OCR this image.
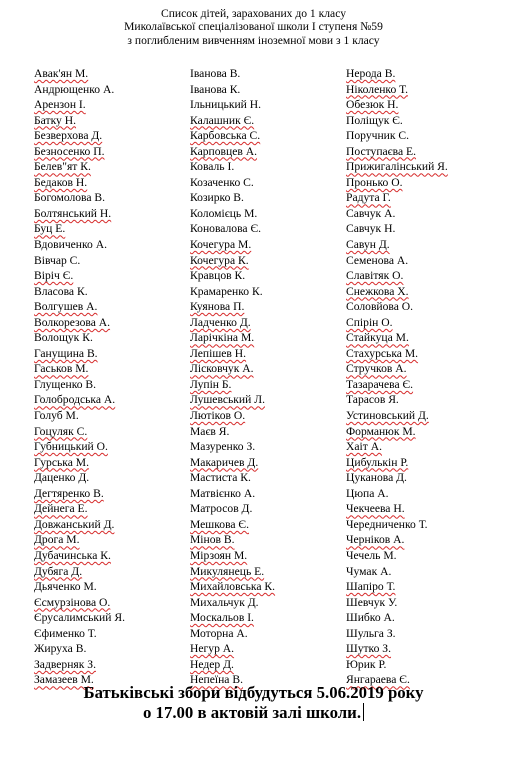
Список дітей, зарахованих до 1 класу
Миколаївської спеціалізованої школи І ступеня №59
з поглибленим вивченням іноземної мови з 1 класу
Авак'ян М.
Андрющенко А.
Арензон І.
Батку Н.
Безверхова Д.
Безносенко П.
Белев"ят К.
Бедаков Н.
Богомолова В.
Болтянський Н.
Буц Е.
Вдовиченко А.
Вівчар С.
Віріч Є.
Власова К.
Волгушев А.
Волкорезова А.
Волощук К.
Ганущина В.
Гаськов М.
Глущенко В.
Голобродська А.
Голуб М.
Гоцуляк С.
Губницький О.
Гурська М.
Даценко Д.
Дегтяренко В.
Дейнега Е.
Довжанський Д.
Дрога М.
Дубачинська К.
Дубяга Д.
Дьяченко М.
Єсмурзінова О.
Єрусалимський Я.
Єфименко Т.
Жируха В.
Задверняк З.
Замазеев М.
Іванова В.
Іванова К.
Ільницький Н.
Калашник Є.
Карбовська С.
Карповцев А.
Коваль І.
Козаченко С.
Козирко В.
Коломієць М.
Коновалова Є.
Кочегура М.
Кочегура К.
Кравцов К.
Крамаренко К.
Куянова П.
Ладченко Д.
Ларічкіна М.
Лепішев Н.
Лісковчук А.
Лупін Б.
Лушевський Л.
Лютіков О.
Маєв Я.
Мазуренко З.
Макаричев Д.
Мастиста К.
Матвієнко А.
Матросов Д.
Мешкова Є.
Мінов В.
Мірзоян М.
Микулянець Е.
Михайловська К.
Михальчук Д.
Москальов І.
Моторна А.
Негур А.
Недер Д.
Непеїна В.
Нерода В.
Ніколенко Т.
Обезюк Н.
Поліщук Є.
Поручник С.
Поступаєва Е.
Прижигалінський Я.
Пронько О.
Радута Г.
Савчук А.
Савчук Н.
Савун Д.
Семенова А.
Славітяк О.
Снежкова Х.
Соловйова О.
Спірін О.
Стайкуца М.
Стахурська М.
Стручков А.
Тазарачева Є.
Тарасов Я.
Устиновський Д.
Форманюк М.
Хаіт А.
Цибулькін Р.
Цуканова Д.
Цюпа А.
Чекчеева Н.
Чередниченко Т.
Черніков А.
Чечель М.
Чумак А.
Шапіро Т.
Шевчук У.
Шибко А.
Шульга З.
Шутко З.
Юрик Р.
Янгараева Є.
Батьківські збори відбудуться 5.06.2019 року
о 17.00 в актовій залі школи.
